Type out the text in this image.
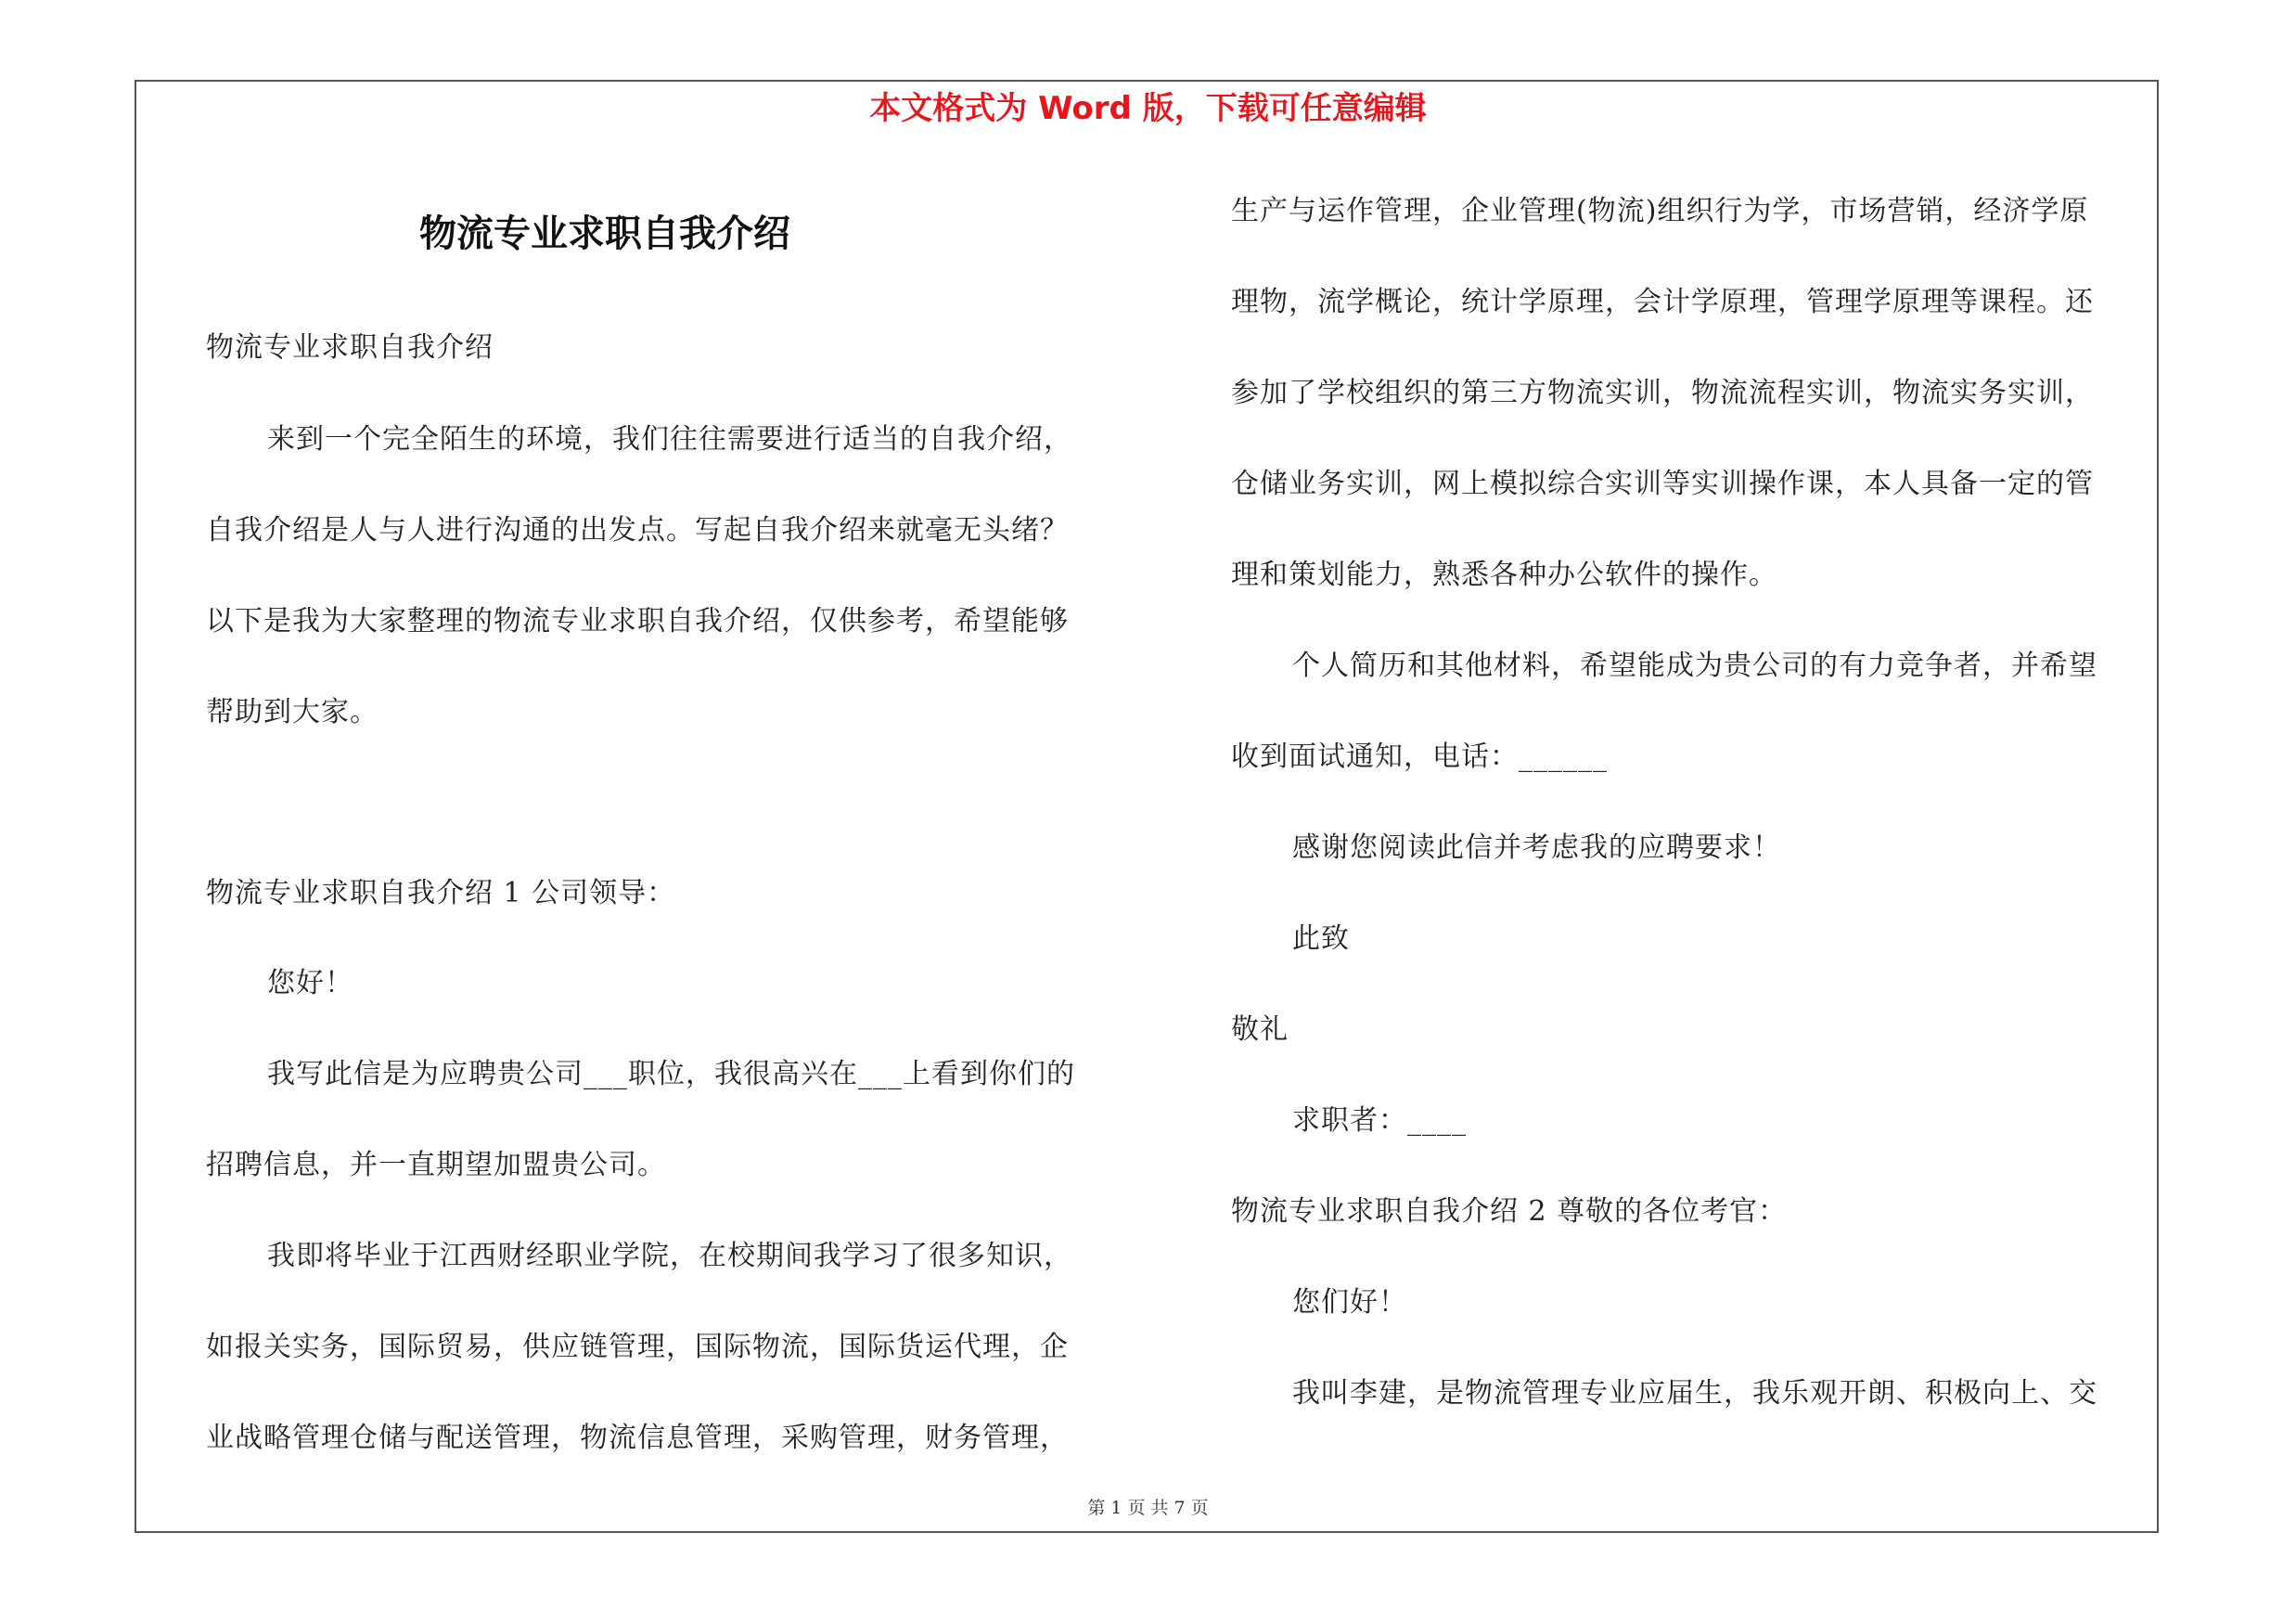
本文格式为 Word 版，下载可任意编辑
物流专业求职自我介绍
物流专业求职自我介绍
来到一个完全陌生的环境，我们往往需要进行适当的自我介绍，
自我介绍是人与人进行沟通的出发点。写起自我介绍来就毫无头绪？
以下是我为大家整理的物流专业求职自我介绍，仅供参考，希望能够
帮助到大家。
物流专业求职自我介绍 1 公司领导：
您好！
我写此信是为应聘贵公司___职位，我很高兴在___上看到你们的
招聘信息，并一直期望加盟贵公司。
我即将毕业于江西财经职业学院，在校期间我学习了很多知识，
如报关实务，国际贸易，供应链管理，国际物流，国际货运代理，企
业战略管理仓储与配送管理，物流信息管理，采购管理，财务管理，
生产与运作管理，企业管理(物流)组织行为学，市场营销，经济学原
理物，流学概论，统计学原理，会计学原理，管理学原理等课程。还
参加了学校组织的第三方物流实训，物流流程实训，物流实务实训，
仓储业务实训，网上模拟综合实训等实训操作课，本人具备一定的管
理和策划能力，熟悉各种办公软件的操作。
个人简历和其他材料，希望能成为贵公司的有力竞争者，并希望
收到面试通知，电话：______
感谢您阅读此信并考虑我的应聘要求！
此致
敬礼
求职者：____
物流专业求职自我介绍 2 尊敬的各位考官：
您们好！
我叫李建，是物流管理专业应届生，我乐观开朗、积极向上、交
第 1 页 共 7 页
